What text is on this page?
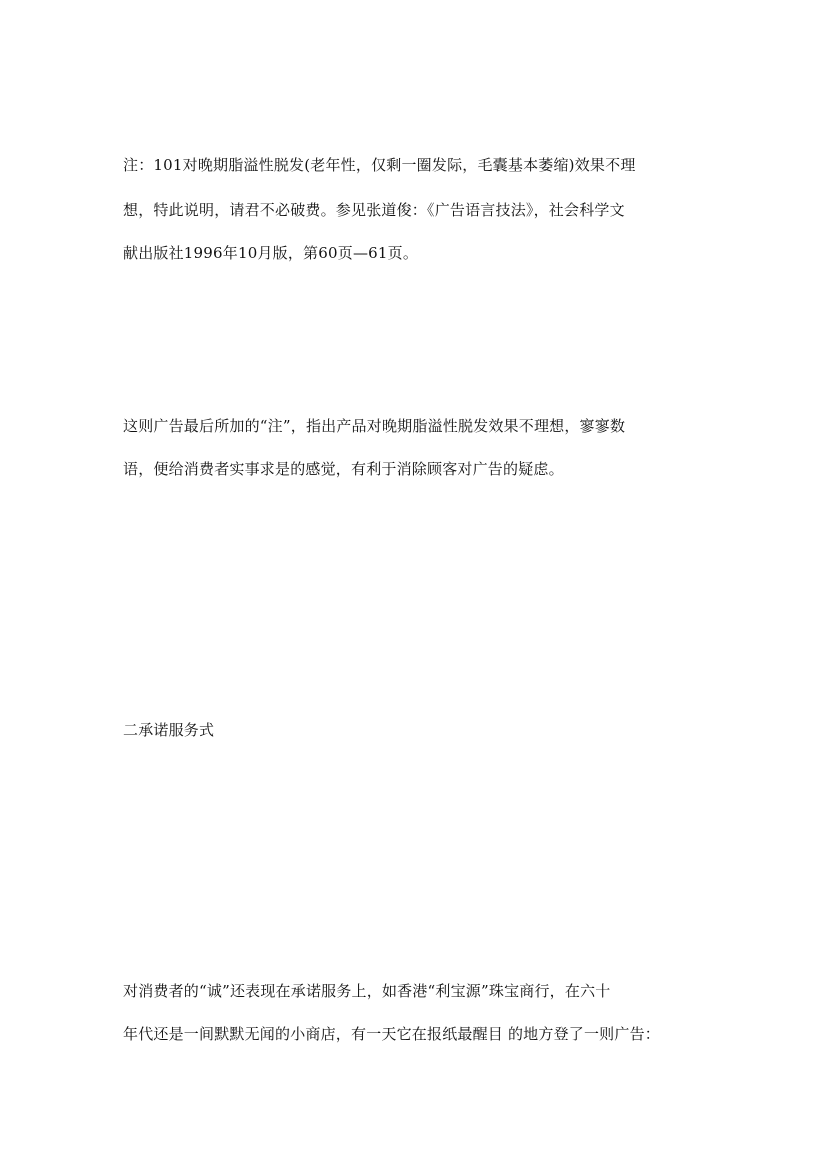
注：101对晚期脂溢性脱发(老年性，仅剩一圈发际，毛囊基本萎缩)效果不理
想，特此说明，请君不必破费。参见张道俊：《广告语言技法》，社会科学文
献出版社1996年10月版，第60页—61页。
这则广告最后所加的“注”，指出产品对晚期脂溢性脱发效果不理想，寥寥数
语，便给消费者实事求是的感觉，有利于消除顾客对广告的疑虑。
二承诺服务式
对消费者的“诚”还表现在承诺服务上，如香港“利宝源”珠宝商行，在六十
年代还是一间默默无闻的小商店，有一天它在报纸最醒目 的地方登了一则广告：
